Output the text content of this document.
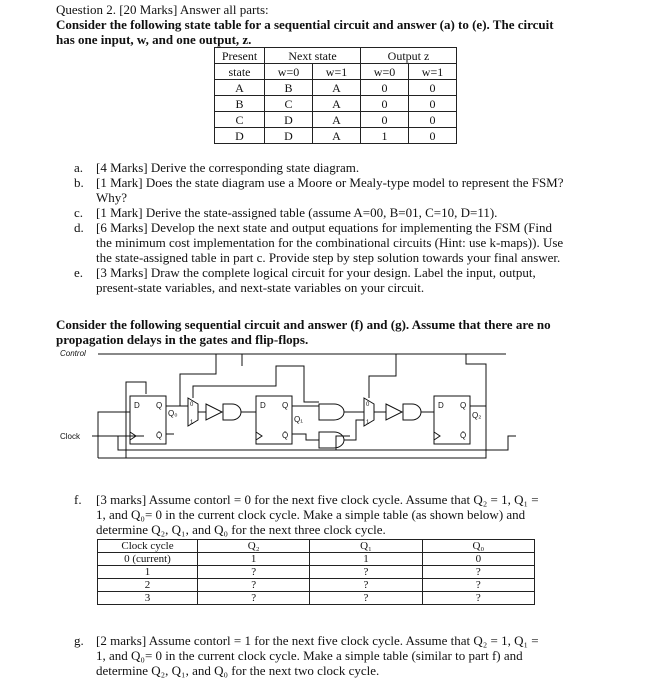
Question 2. [20 Marks] Answer all parts:
Consider the following state table for a sequential circuit and answer (a) to (e). The circuit
has one input, w, and one output, z.
Present	Next state		Output z	
state	w=0	w=1	w=0	w=1
A	B	A	0	0
B	C	A	0	0
C	D	A	0	0
D	D	A	1	0
a. [4 Marks] Derive the corresponding state diagram.
b. [1 Mark] Does the state diagram use a Moore or Mealy-type model to represent the FSM?
Why?
c. [1 Mark] Derive the state-assigned table (assume A=00, B=01, C=10, D=11).
d. [6 Marks] Develop the next state and output equations for implementing the FSM (Find
the minimum cost implementation for the combinational circuits (Hint: use k-maps)). Use
the state-assigned table in part c. Provide step by step solution towards your final answer.
e. [3 Marks] Draw the complete logical circuit for your design. Label the input, output,
present-state variables, and next-state variables on your circuit.
Consider the following sequential circuit and answer (f) and (g). Assume that there are no
propagation delays in the gates and flip-flops.
Control
Clock
D Q
Q̄
Q₀
D Q
Q̄
Q₁
D Q
Q̄
Q₂
0
1
0
1
f. [3 marks] Assume contorl = 0 for the next five clock cycle. Assume that Q₂ = 1, Q₁ =
1, and Q₀= 0 in the current clock cycle. Make a simple table (as shown below) and
determine Q₂, Q₁, and Q₀ for the next three clock cycle.
Clock cycle	Q₂	Q₁	Q₀
0 (current)	1	1	0
1	?	?	?
2	?	?	?
3	?	?	?
g. [2 marks] Assume contorl = 1 for the next five clock cycle. Assume that Q₂ = 1, Q₁ =
1, and Q₀= 0 in the current clock cycle. Make a simple table (similar to part f) and
determine Q₂, Q₁, and Q₀ for the next two clock cycle.
